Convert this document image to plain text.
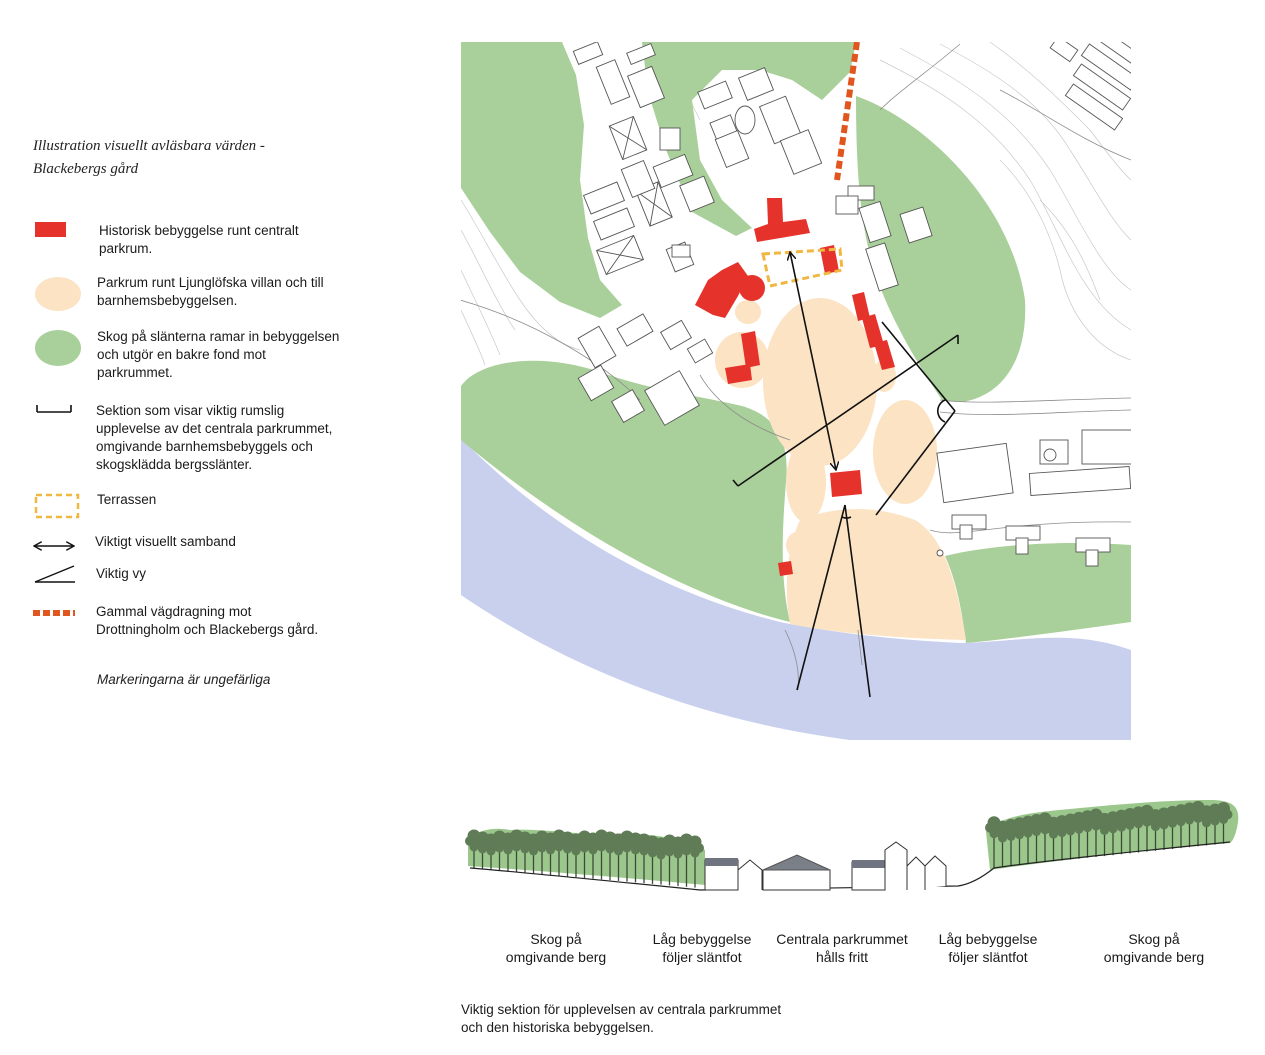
Illustration visuellt avläsbara värden -
Blackebergs gård
Historisk bebyggelse runt centralt
parkrum.
Parkrum runt Ljunglöfska villan och till
barnhemsbebyggelsen.
Skog på slänterna ramar in bebyggelsen
och utgör en bakre fond mot
parkrummet.
Sektion som visar viktig rumslig
upplevelse av det centrala parkrummet,
omgivande barnhemsbebyggels och
skogsklädda bergsslänter.
Terrassen
Viktigt visuellt samband
Viktig vy
Gammal vägdragning mot
Drottningholm och Blackebergs gård.
Markeringarna är ungefärliga
Skog på
omgivande berg
Låg bebyggelse
följer släntfot
Centrala parkrummet
hålls fritt
Låg bebyggelse
följer släntfot
Skog på
omgivande berg
Viktig sektion för upplevelsen av centrala parkrummet
och den historiska bebyggelsen.
